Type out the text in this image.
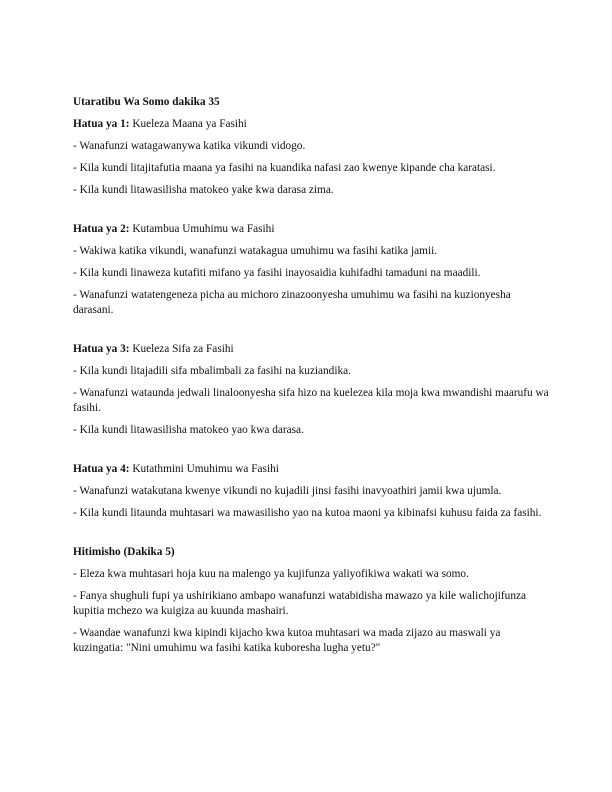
Utaratibu Wa Somo dakika 35
Hatua ya 1: Kueleza Maana ya Fasihi
- Wanafunzi watagawanywa katika vikundi vidogo.
- Kila kundi litajitafutia maana ya fasihi na kuandika nafasi zao kwenye kipande cha karatasi.
- Kila kundi litawasilisha matokeo yake kwa darasa zima.
Hatua ya 2: Kutambua Umuhimu wa Fasihi
- Wakiwa katika vikundi, wanafunzi watakagua umuhimu wa fasihi katika jamii.
- Kila kundi linaweza kutafiti mifano ya fasihi inayosaidia kuhifadhi tamaduni na maadili.
- Wanafunzi watatengeneza picha au michoro zinazoonyesha umuhimu wa fasihi na kuzionyesha darasani.
Hatua ya 3: Kueleza Sifa za Fasihi
- Kila kundi litajadili sifa mbalimbali za fasihi na kuziandika.
- Wanafunzi wataunda jedwali linaloonyesha sifa hizo na kuelezea kila moja kwa mwandishi maarufu wa fasihi.
- Kila kundi litawasilisha matokeo yao kwa darasa.
Hatua ya 4: Kutathmini Umuhimu wa Fasihi
- Wanafunzi watakutana kwenye vikundi no kujadili jinsi fasihi inavyoathiri jamii kwa ujumla.
- Kila kundi litaunda muhtasari wa mawasilisho yao na kutoa maoni ya kibinafsi kuhusu faida za fasihi.
Hitimisho (Dakika 5)
- Eleza kwa muhtasari hoja kuu na malengo ya kujifunza yaliyofikiwa wakati wa somo.
- Fanya shughuli fupi ya ushirikiano ambapo wanafunzi watabidisha mawazo ya kile walichojifunza kupitia mchezo wa kuigiza au kuunda mashairi.
- Waandae wanafunzi kwa kipindi kijacho kwa kutoa muhtasari wa mada zijazo au maswali ya kuzingatia: "Nini umuhimu wa fasihi katika kuboresha lugha yetu?"
